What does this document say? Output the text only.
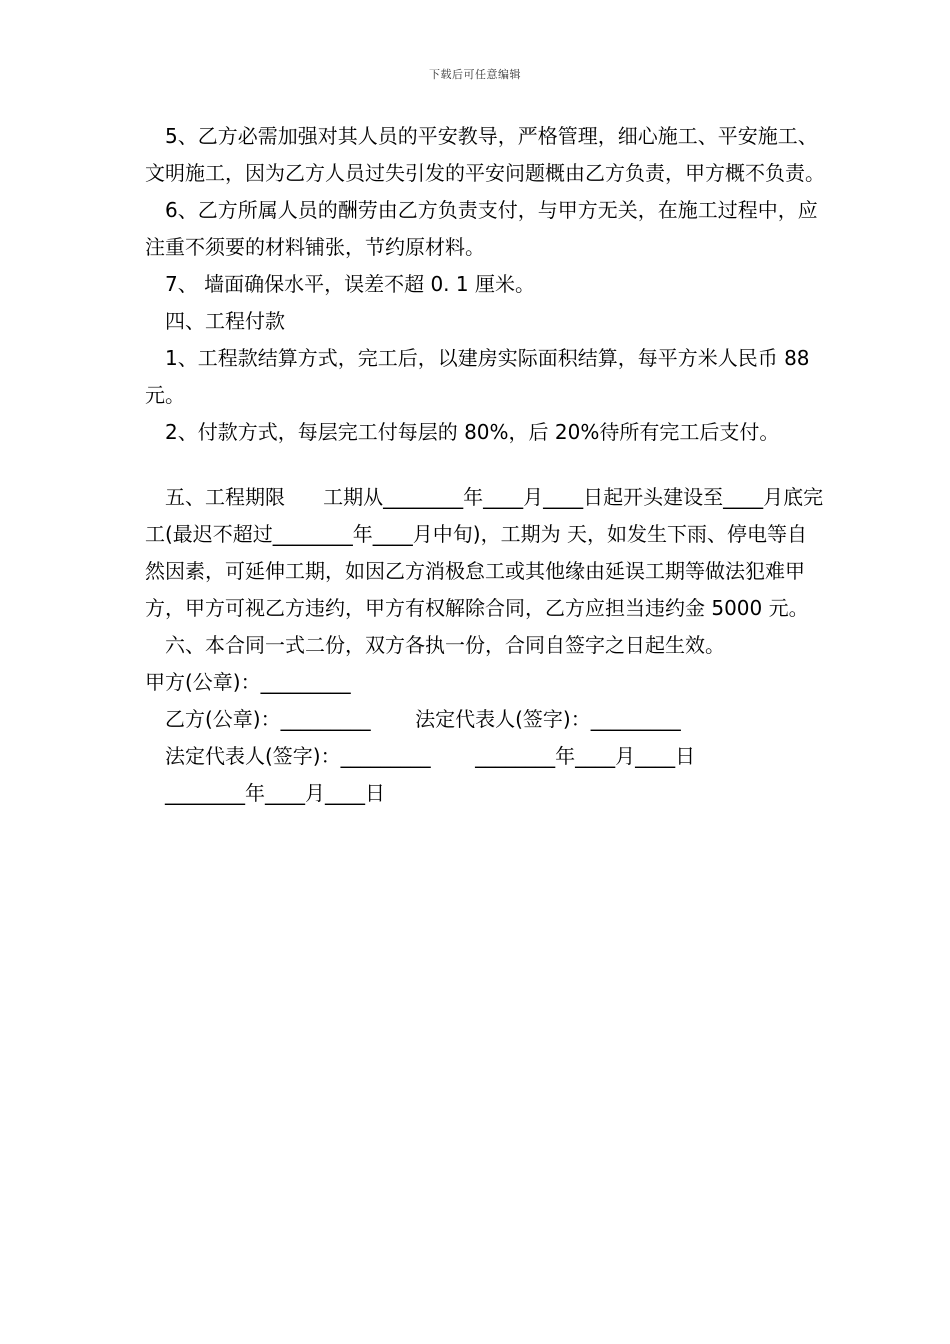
下载后可任意编辑

5、乙方必需加强对其人员的平安教导，严格管理，细心施工、平安施工、文明施工，因为乙方人员过失引发的平安问题概由乙方负责，甲方概不负责。

6、乙方所属人员的酬劳由乙方负责支付，与甲方无关，在施工过程中，应注重不须要的材料铺张，节约原材料。

7、 墙面确保水平，误差不超 0. 1 厘米。

四、工程付款

1、工程款结算方式，完工后，以建房实际面积结算，每平方米人民币 88 元。

2、付款方式，每层完工付每层的 80%，后 20%待所有完工后支付。

五、工程期限      工期从________年____月____日起开头建设至____月底完工(最迟不超过________年____月中旬)，工期为 天，如发生下雨、停电等自然因素，可延伸工期，如因乙方消极怠工或其他缘由延误工期等做法犯难甲方，甲方可视乙方违约，甲方有权解除合同，乙方应担当违约金 5000 元。

六、本合同一式二份，双方各执一份，合同自签字之日起生效。

甲方(公章)：_________

乙方(公章)：_________       法定代表人(签字)：_________

法定代表人(签字)：_________       ________年____月____日

________年____月____日
